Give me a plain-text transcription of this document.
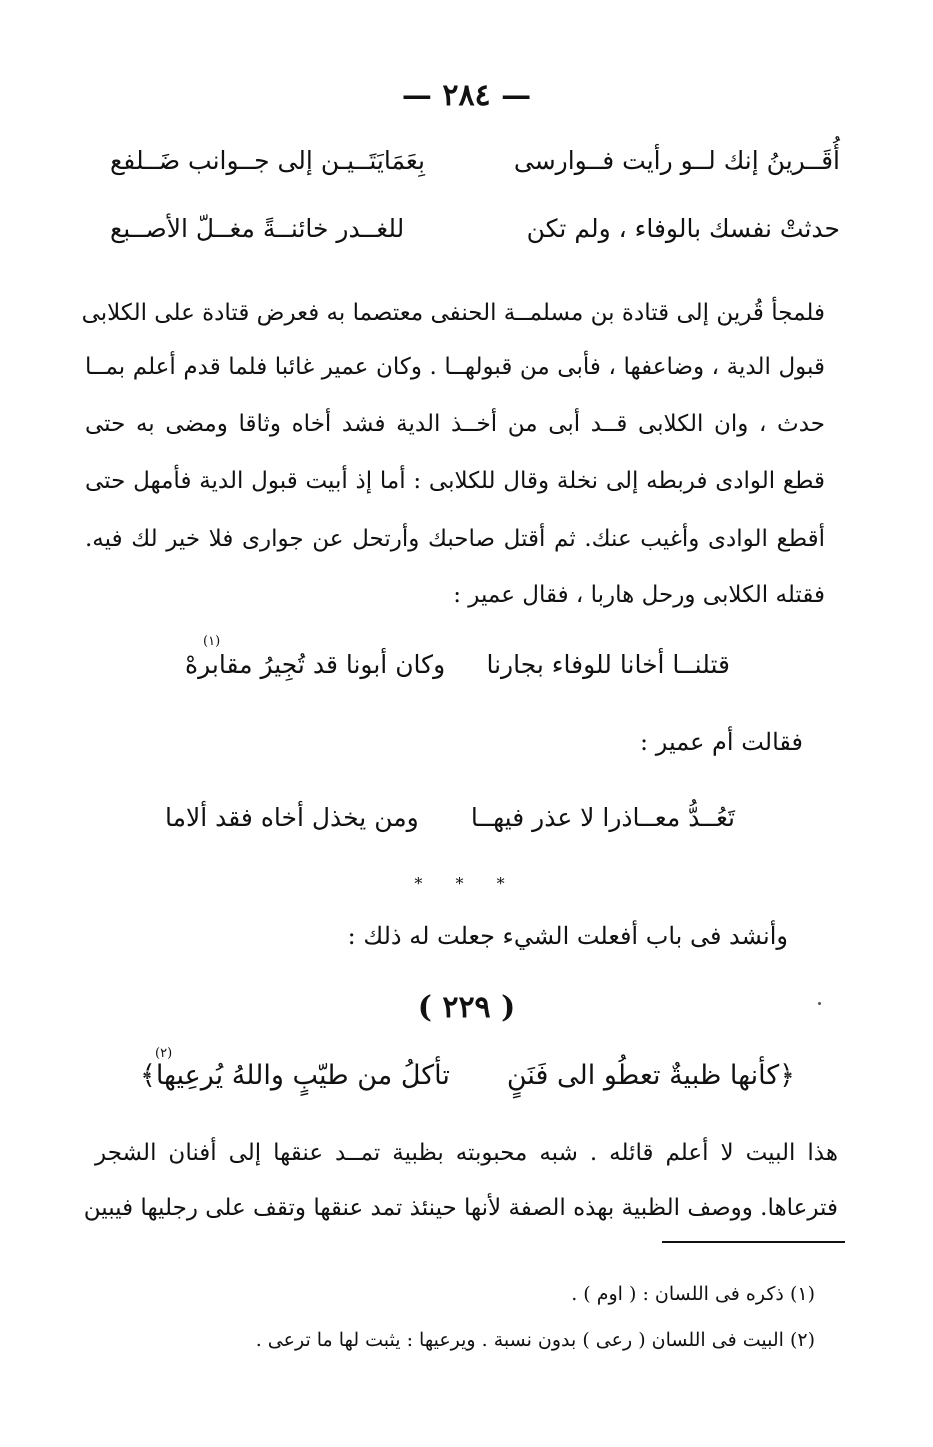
— ٢٨٤ —
أُقَــرينُ إنك لــو رأيت فــوارسى
بِعَمَايَتَــيـن إلى جــوانب ضَــلفع
حدثتْ نفسك بالوفاء ، ولم تكن
للغــدر خائنــةً مغــلّ الأصــبع
فلمجأ قُرين إلى قتادة بن مسلمــة الحنفى معتصما به فعرض قتادة على الكلابى
قبول الدية ، وضاعفها ، فأبى من قبولهــا . وكان عمير غائبا فلما قدم أعلم بمــا
حدث ، وان الكلابى قــد أبى من أخــذ الدية فشد أخاه وثاقا ومضى به حتى
قطع الوادى فربطه إلى نخلة وقال للكلابى : أما إذ أبيت قبول الدية فأمهل حتى
أقطع الوادى وأغيب عنك. ثم أقتل صاحبك وأرتحل عن جوارى فلا خير لك فيه.
فقتله الكلابى ورحل هاربا ، فقال عمير :
قتلنــا أخانا للوفاء بجارنا
وكان أبونا قد تُجِيرُ مقابرهْ
(١)
فقالت أم عمير :
تَعُــدُّ معــاذرا لا عذر فيهــا
ومن يخذل أخاه فقد ألاما
* * *
وأنشد فى باب أفعلت الشيء جعلت له ذلك :
( ٢٢٩ )
﴿كأنها ظبيةٌ تعطُو الى فَنَنٍ
تأكلُ من طيّبٍ واللهُ يُرعِيها﴾
(٢)
هذا البيت لا أعلم قائله . شبه محبوبته بظبية تمــد عنقها إلى أفنان الشجر
فترعاها. ووصف الظبية بهذه الصفة لأنها حينئذ تمد عنقها وتقف على رجليها فيبين
(١) ذكره فى اللسان : ( اوم ) .
(٢) البيت فى اللسان ( رعى ) بدون نسبة . ويرعيها : يثبت لها ما ترعى .
